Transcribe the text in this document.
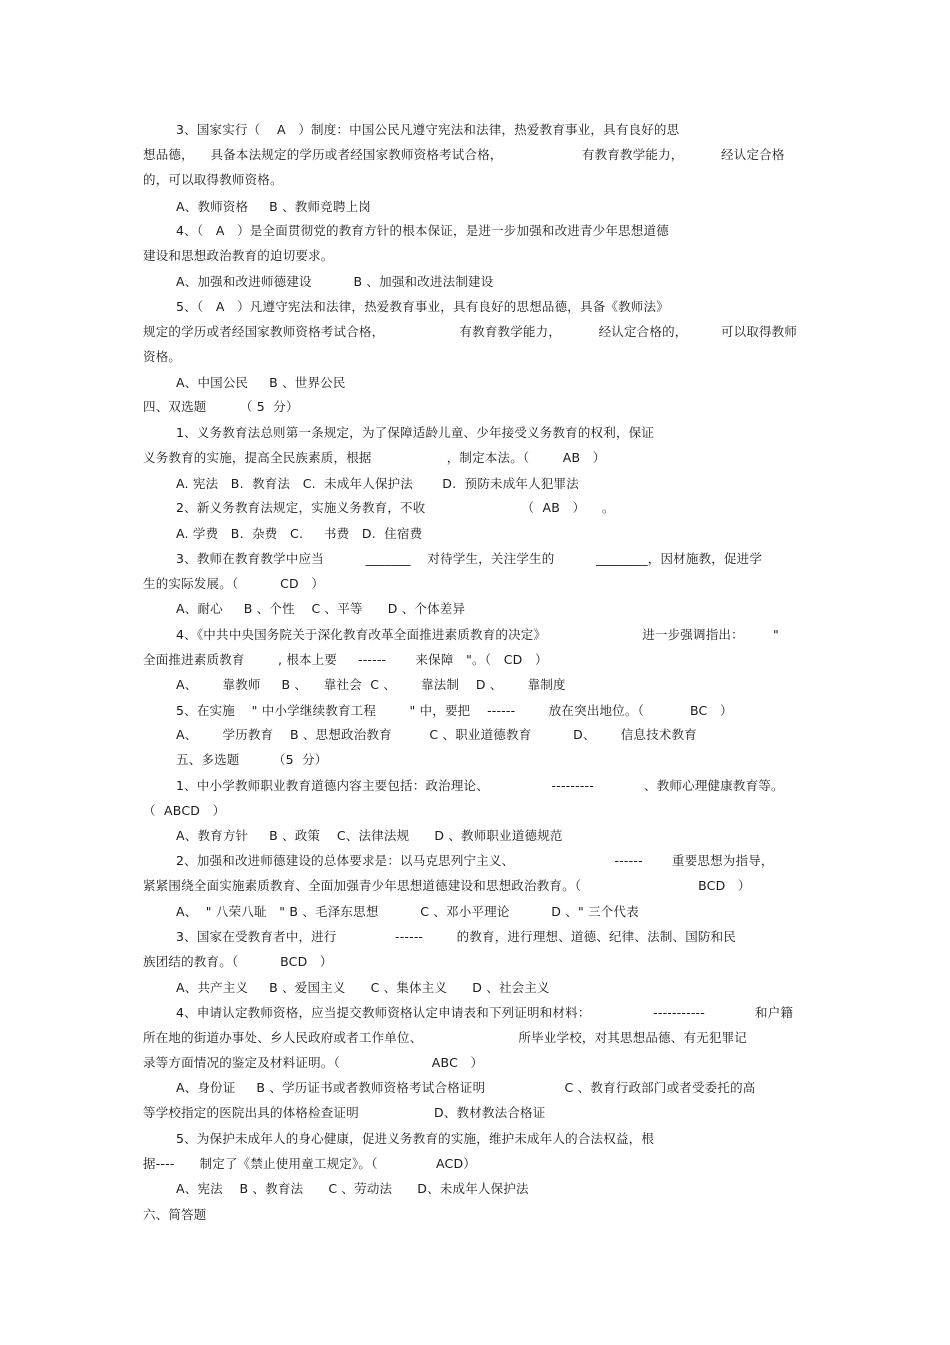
3、国家实行（    A   ）制度：中国公民凡遵守宪法和法律，热爱教育事业，具有良好的思
想品德，    具备本法规定的学历或者经国家教师资格考试合格，                   有教育教学能力，         经认定合格
的，可以取得教师资格。
A、教师资格     B 、教师竞聘上岗
4、（   A   ）是全面贯彻党的教育方针的根本保证，是进一步加强和改进青少年思想道德
建设和思想政治教育的迫切要求。
A、加强和改进师德建设          B 、加强和改进法制建设
5、（   A   ）凡遵守宪法和法律，热爱教育事业，具有良好的思想品德，具备《教师法》
规定的学历或者经国家教师资格考试合格，                  有教育教学能力，         经认定合格的，        可以取得教师
资格。
A、中国公民     B 、世界公民
四、双选题        （ 5  分）
1、义务教育法总则第一条规定，为了保障适龄儿童、少年接受义务教育的权利，保证
义务教育的实施，提高全民族素质，根据                  ，制定本法。（        AB   ）
A. 宪法   B.  教育法   C.  未成年人保护法       D.  预防未成年人犯罪法
2、新义务教育法规定，实施义务教育，不收                       （  AB   ）    。
A. 学费   B.  杂费   C.     书费   D.  住宿费
3、教师在教育教学中应当          _______    对待学生，关注学生的          ________，因材施教，促进学
生的实际发展。（          CD   ）
A、耐心     B 、个性    C 、平等      D 、个体差异
4、《中共中央国务院关于深化教育改革全面推进素质教育的决定》                       进一步强调指出：       "
全面推进素质教育        , 根本上要     ------       来保障   "。（   CD   ）
A、      靠教师     B 、    靠社会  C 、      靠法制    D 、      靠制度
5、在实施    " 中小学继续教育工程        " 中，要把    ------        放在突出地位。（           BC   ）
A、      学历教育    B 、思想政治教育         C 、职业道德教育          D、      信息技术教育
五、多选题        （5  分）
1、中小学教师职业教育道德内容主要包括：政治理论、               ---------            、教师心理健康教育等。
（  ABCD   ）
A、教育方针     B 、政策    C、法律法规      D 、教师职业道德规范
2、加强和改进师德建设的总体要求是：以马克思列宁主义、                        ------       重要思想为指导，
紧紧围绕全面实施素质教育、全面加强青少年思想道德建设和思想政治教育。（                            BCD   ）
A、  " 八荣八耻   " B 、毛泽东思想          C 、邓小平理论          D 、" 三个代表
3、国家在受教育者中，进行              ------        的教育，进行理想、道德、纪律、法制、国防和民
族团结的教育。（          BCD   ）
A、共产主义     B 、爱国主义      C 、集体主义      D 、社会主义
4、申请认定教师资格，应当提交教师资格认定申请表和下列证明和材料：               -----------            和户籍
所在地的街道办事处、乡人民政府或者工作单位、                       所毕业学校，对其思想品德、有无犯罪记
录等方面情况的鉴定及材料证明。（                      ABC   ）
A、身份证     B 、学历证书或者教师资格考试合格证明                   C 、教育行政部门或者受委托的高
等学校指定的医院出具的体格检查证明                  D、教材教法合格证
5、为保护未成年人的身心健康，促进义务教育的实施，维护未成年人的合法权益，根
据----      制定了《禁止使用童工规定》。（              ACD）
A、宪法    B 、教育法      C 、劳动法      D、未成年人保护法
六、简答题
